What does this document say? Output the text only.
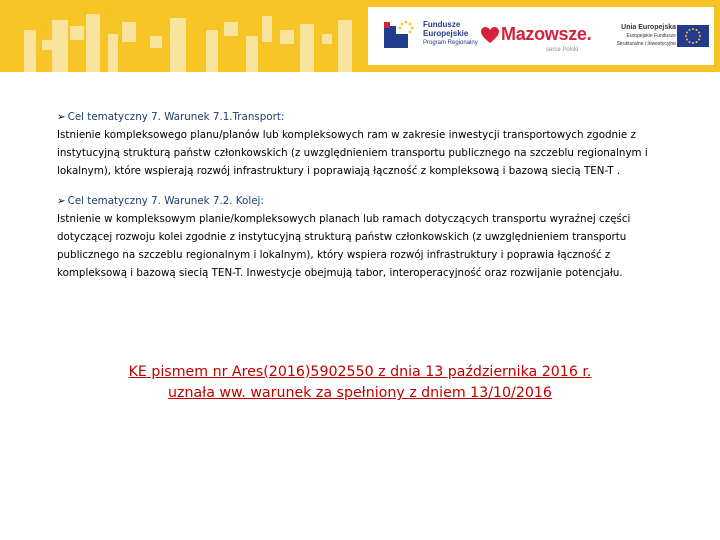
Fundusze
Europejskie
Program Regionalny Mazowsze.
serce Polski
Unia Europejska
Europejskie Fundusze
Strukturalne i Inwestycyjne

➢ Cel tematyczny 7. Warunek 7.1.Transport:
Istnienie kompleksowego planu/planów lub kompleksowych ram w zakresie inwestycji transportowych zgodnie z instytucyjną strukturą państw członkowskich (z uwzględnieniem transportu publicznego na szczeblu regionalnym i lokalnym), które wspierają rozwój infrastruktury i poprawiają łączność z kompleksową i bazową siecią TEN-T .

➢ Cel tematyczny 7. Warunek 7.2. Kolej:
Istnienie w kompleksowym planie/kompleksowych planach lub ramach dotyczących transportu wyraźnej części dotyczącej rozwoju kolei zgodnie z instytucyjną strukturą państw członkowskich (z uwzględnieniem transportu publicznego na szczeblu regionalnym i lokalnym), który wspiera rozwój infrastruktury i poprawia łączność z kompleksową i bazową siecią TEN-T. Inwestycje obejmują tabor, interoperacyjność oraz rozwijanie potencjału.

KE pismem nr Ares(2016)5902550 z dnia 13 października 2016 r.
uznała ww. warunek za spełniony z dniem 13/10/2016
